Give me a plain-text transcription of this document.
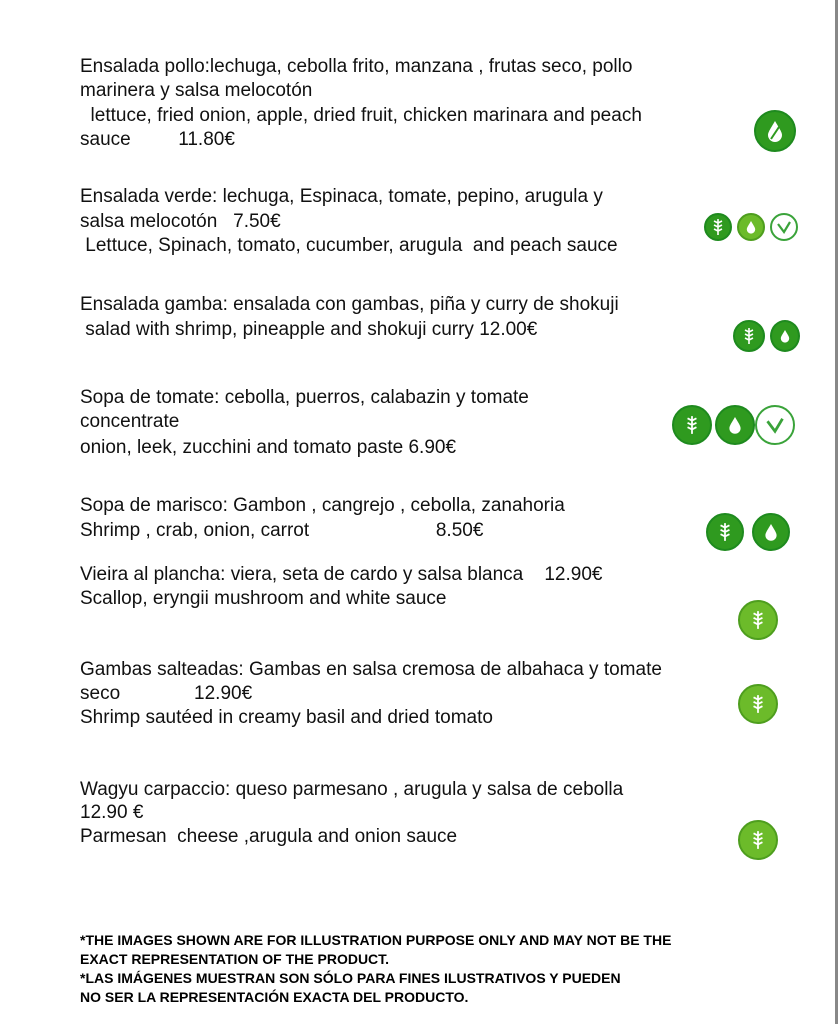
Ensalada pollo:lechuga, cebolla frito, manzana , frutas seco, pollo

marinera y salsa melocotón

lettuce, fried onion, apple, dried fruit, chicken marinara and peach

sauce         11.80€

Ensalada verde: lechuga, Espinaca, tomate, pepino, arugula y

salsa melocotón   7.50€

Lettuce, Spinach, tomato, cucumber, arugula  and peach sauce

Ensalada gamba: ensalada con gambas, piña y curry de shokuji

salad with shrimp, pineapple and shokuji curry 12.00€

Sopa de tomate: cebolla, puerros, calabazin y tomate

concentrate

onion, leek, zucchini and tomato paste 6.90€

Sopa de marisco: Gambon , cangrejo , cebolla, zanahoria

Shrimp , crab, onion, carrot                        8.50€

Vieira al plancha: viera, seta de cardo y salsa blanca    12.90€

Scallop, eryngii mushroom and white sauce

Gambas salteadas: Gambas en salsa cremosa de albahaca y tomate

seco              12.90€

Shrimp sautéed in creamy basil and dried tomato

Wagyu carpaccio: queso parmesano , arugula y salsa de cebolla

12.90 €

Parmesan  cheese ,arugula and onion sauce

*THE IMAGES SHOWN ARE FOR ILLUSTRATION PURPOSE ONLY AND MAY NOT BE THE

EXACT REPRESENTATION OF THE PRODUCT.

*LAS IMÁGENES MUESTRAN SON SÓLO PARA FINES ILUSTRATIVOS Y PUEDEN

NO SER LA REPRESENTACIÓN EXACTA DEL PRODUCTO.
